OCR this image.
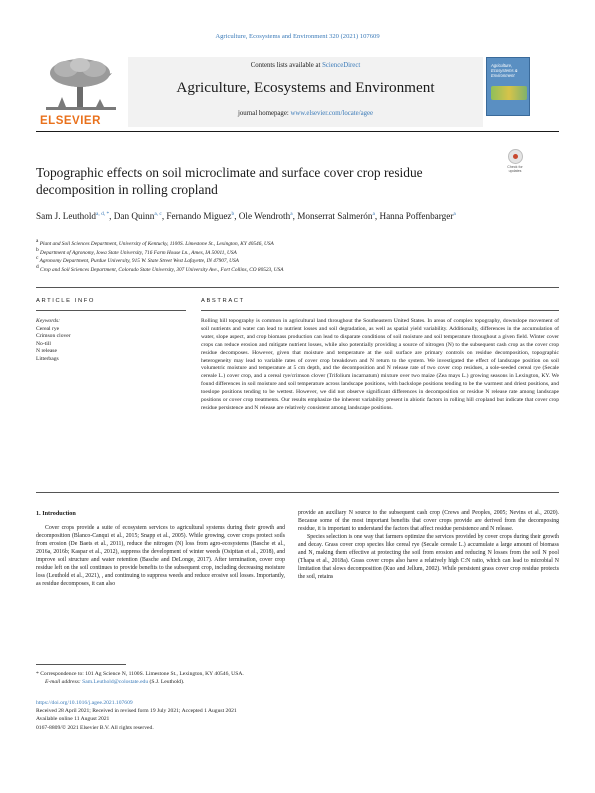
Agriculture, Ecosystems and Environment 320 (2021) 107609
ELSEVIER
Contents lists available at ScienceDirect
Agriculture, Ecosystems and Environment
journal homepage: www.elsevier.com/locate/agee
Agriculture, Ecosystems & Environment
Check for
updates
Topographic effects on soil microclimate and surface cover crop residue decomposition in rolling cropland
Sam J. Leuthold$^{a, d, *}$, Dan Quinn$^{a, c}$, Fernando Miguez$^b$, Ole Wendroth$^a$, Monserrat Salmerón$^a$, Hanna Poffenbarger$^a$
$^a$ Plant and Soil Sciences Department, University of Kentucky, 1100S. Limestone St., Lexington, KY 40546, USA
$^b$ Department of Agronomy, Iowa State University, 716 Farm House Ln., Ames, IA 50011, USA
$^c$ Agronomy Department, Purdue University, 915 W. State Street West Lafayette, IN 47907, USA
$^d$ Crop and Soil Sciences Department, Colorado State University, 307 University Ave., Fort Collins, CO 80523, USA
ARTICLE INFO	ABSTRACT
Keywords:
Cereal rye
Crimson clover
No-till
N release
Litterbags
Rolling hill topography is common in agricultural land throughout the Southeastern United States. In areas of complex topography, downslope movement of soil nutrients and water can lead to nutrient losses and soil degradation, as well as spatial yield variability. Additionally, differences in the accumulation of water, slope aspect, and crop biomass production can lead to disparate conditions of soil moisture and soil temperature throughout a given field. Winter cover crops can reduce erosion and mitigate nutrient losses, while also potentially providing a source of nitrogen (N) to the subsequent cash crop as the cover crop residue decomposes. However, given that moisture and temperature at the soil surface are primary controls on residue decomposition, topographic heterogeneity may lead to variable rates of cover crop breakdown and N return to the system. We investigated the effect of landscape position on soil volumetric moisture and temperature at 5 cm depth, and the decomposition and N release rate of two cover crop residues, a sole-seeded cereal rye (Secale cereale L.) cover crop, and a cereal rye/crimson clover (Trifolium incarnatum) mixture over two maize (Zea mays L.) growing seasons in Lexington, KY. We found differences in soil moisture and soil temperature across landscape positions, with backslope positions tending to be the warmest and driest positions, and toeslope positions tending to be wettest. However, we did not observe significant differences in decomposition or residue N release rate among landscape positions or cover crop treatments. Our results emphasize the inherent variability present in abiotic factors in rolling hill cropland but indicate that cover crop residue persistence and N release are relatively consistent among landscape positions.
1. Introduction

Cover crops provide a suite of ecosystem services to agricultural systems during their growth and decomposition (Blanco-Canqui et al., 2015; Snapp et al., 2005). While growing, cover crops protect soils from erosion (De Baets et al., 2011), reduce the nitrogen (N) loss from agro-ecosystems (Basche et al., 2016a, 2016b; Kaspar et al., 2012), suppress the development of winter weeds (Osipitan et al., 2018), and improve soil structure and water retention (Basche and DeLonge, 2017). After termination, cover crop residue left on the soil continues to provide benefits to the subsequent crop, including decreasing moisture loss (Leuthold et al., 2021), , and continuing to suppress weeds and reduce erosive soil losses. Importantly, as residue decomposes, it can also

provide an auxiliary N source to the subsequent cash crop (Crews and Peoples, 2005; Nevins et al., 2020). Because some of the most important benefits that cover crops provide are derived from the decomposing residue, it is important to understand the factors that affect residue persistence and N release.

Species selection is one way that farmers optimize the services provided by cover crops during their growth and decay. Grass cover crop species like cereal rye (Secale cereale L.) accumulate a large amount of biomass and N, making them effective at protecting the soil from erosion and reducing N losses from the soil N pool (Thapa et al., 2018a). Grass cover crops also have a relatively high C:N ratio, which can lead to microbial N limitation that slows decomposition (Kuo and Jellum, 2002). While persistent grass cover crop residue protects the soil, retains

* Correspondence to: 101 Ag Science N, 1100S. Limestone St., Lexington, KY 40546, USA.
E-mail address: Sam.Leuthold@colostate.edu (S.J. Leuthold).
https://doi.org/10.1016/j.agee.2021.107609
Received 28 April 2021; Received in revised form 19 July 2021; Accepted 1 August 2021
Available online 11 August 2021
0167-8809/© 2021 Elsevier B.V. All rights reserved.
